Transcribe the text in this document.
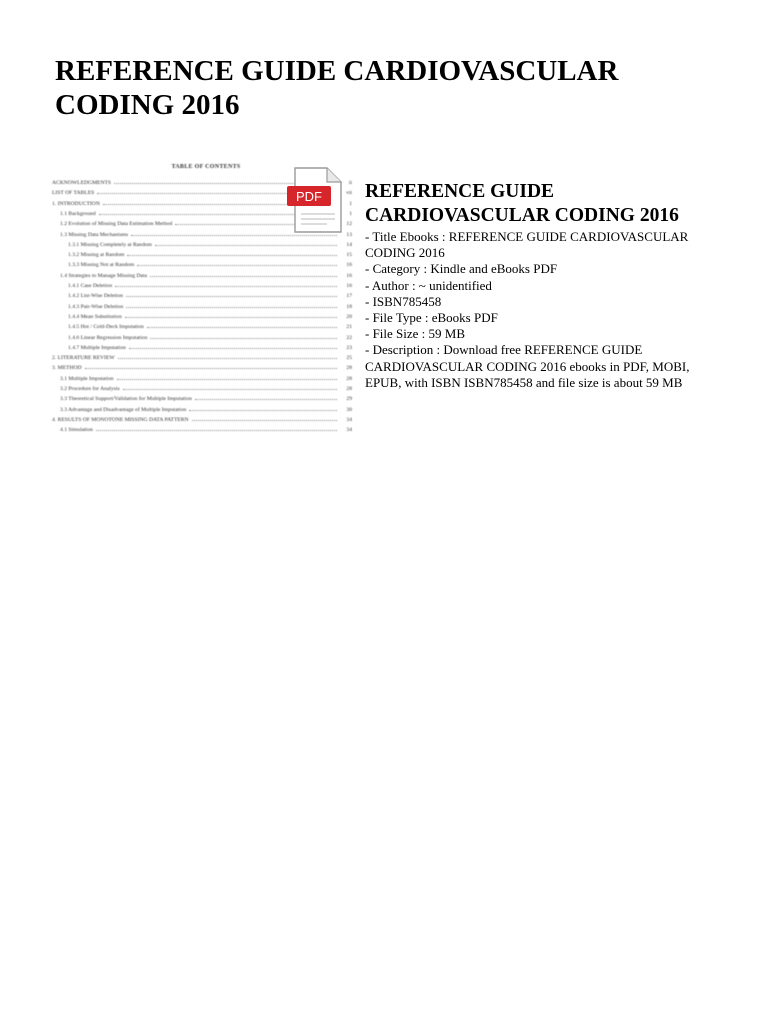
REFERENCE GUIDE CARDIOVASCULAR CODING 2016
TABLE OF CONTENTS
ACKNOWLEDGMENTS	ii
LIST OF TABLES	vii
1. INTRODUCTION	1
1.1 Background	1
1.2 Evolution of Missing Data Estimation Method	12
1.3 Missing Data Mechanisms	13
1.3.1 Missing Completely at Random	14
1.3.2 Missing at Random	15
1.3.3 Missing Not at Random	16
1.4 Strategies to Manage Missing Data	16
1.4.1 Case Deletion	16
1.4.2 List-Wise Deletion	17
1.4.3 Pair-Wise Deletion	18
1.4.4 Mean Substitution	20
1.4.5 Hot / Cold-Deck Imputation	21
1.4.6 Linear Regression Imputation	22
1.4.7 Multiple Imputation	23
2. LITERATURE REVIEW	25
3. METHOD	28
3.1 Multiple Imputation	28
3.2 Procedure for Analysis	28
3.3 Theoretical Support/Validation for Multiple Imputation	29
3.3 Advantage and Disadvantage of Multiple Imputation	30
4. RESULTS OF MONOTONE MISSING DATA PATTERN	34
4.1 Simulation	34
PDF REFERENCE GUIDE CARDIOVASCULAR CODING 2016

- Title Ebooks : REFERENCE GUIDE CARDIOVASCULAR CODING 2016

- Category : Kindle and eBooks PDF

- Author : ~ unidentified

- ISBN785458

- File Type : eBooks PDF

- File Size : 59 MB

- Description : Download free REFERENCE GUIDE CARDIOVASCULAR CODING 2016 ebooks in PDF, MOBI, EPUB, with ISBN ISBN785458 and file size is about 59 MB
